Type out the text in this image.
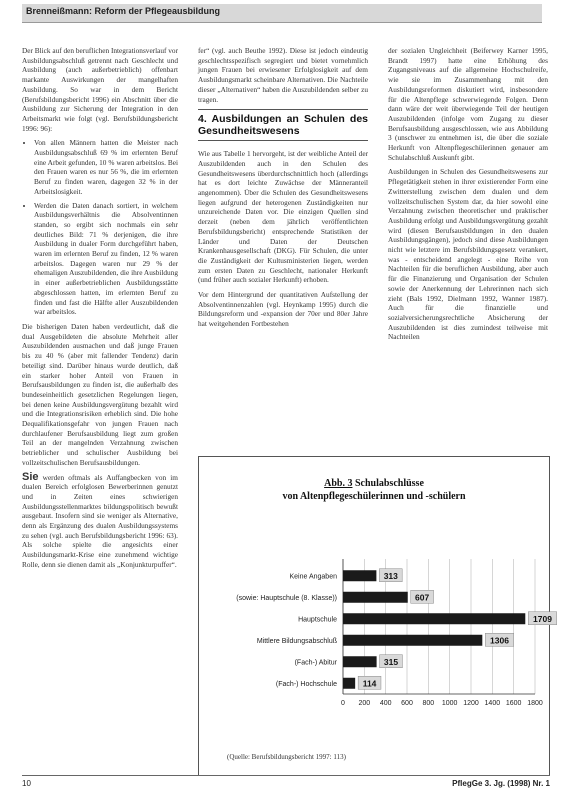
Brenneißmann: Reform der Pflegeausbildung

Der Blick auf den beruflichen Integrationsverlauf vor Ausbildungsabschluß getrennt nach Geschlecht und Ausbildung (auch außerbetrieblich) offenbart markante Auswirkungen der mangelhaften Ausbildung. So war in dem Bericht (Berufsbildungsbericht 1996) ein Abschnitt über die Ausbildung zur Sicherung der Integration in den Arbeitsmarkt wie folgt (vgl. Berufsbildungsbericht 1996: 96):

• Von allen Männern hatten die Meister nach Ausbildungsabschluß 69 % im erlernten Beruf eine Arbeit gefunden, 10 % waren arbeitslos. Bei den Frauen waren es nur 56 %, die im erlernten Beruf zu finden waren, dagegen 32 % in der Arbeitslosigkeit.
• Werden die Daten danach sortiert, in welchem Ausbildungsverhältnis die Absolventinnen standen, so ergibt sich nochmals ein sehr deutliches Bild: 71 % derjenigen, die ihre Ausbildung in dualer Form durchgeführt haben, waren im erlernten Beruf zu finden, 12 % waren arbeitslos. Dagegen waren nur 29 % der ehemaligen Auszubildenden, die ihre Ausbildung in einer außerbetrieblichen Ausbildungsstätte abgeschlossen hatten, im erlernten Beruf zu finden und fast die Hälfte aller Auszubildenden war arbeitslos.

Die bisherigen Daten haben verdeutlicht, daß die dual Ausgebildeten die absolute Mehrheit aller Auszubildenden ausmachen und daß junge Frauen bis zu 40 % (aber mit fallender Tendenz) darin beteiligt sind. Darüber hinaus wurde deutlich, daß ein starker hoher Anteil von Frauen in Berufsausbildungen zu finden ist, die außerhalb des bundeseinheitlich gesetzlichen Regelungen liegen, bei denen keine Ausbildungsvergütung bezahlt wird und die Integrationsrisiken erheblich sind. Die hohe Dequalifikationsgefahr von jungen Frauen nach durchlaufener Berufsausbildung liegt zum großen Teil an der mangelnden Verzahnung zwischen betrieblicher und schulischer Ausbildung bei vollzeitschulischen Berufsausbildungen.

Sie werden oftmals als Auffangbecken von im dualen Bereich erfolglosen Bewerberinnen genutzt und in Zeiten eines schwierigen Ausbildungsstellenmarktes bildungspolitisch bewußt ausgebaut. Insofern sind sie weniger als Alternative, denn als Ergänzung des dualen Ausbildungssystems zu sehen (vgl. auch Berufsbildungsbericht 1996: 63). Als solche spielte die angesichts einer Ausbildungsmarkt-Krise eine zunehmend wichtige Rolle, denn sie dienen damit als „Konjunkturpuffer“.

fer“ (vgl. auch Beuthe 1992). Diese ist jedoch eindeutig geschlechtsspezifisch segregiert und bietet vornehmlich jungen Frauen bei erwiesener Erfolglosigkeit auf dem Ausbildungsmarkt scheinbare Alternativen. Die Nachteile dieser „Alternativen“ haben die Auszubildenden selber zu tragen.

4. Ausbildungen an Schulen des Gesundheitswesens

Wie aus Tabelle 1 hervorgeht, ist der weibliche Anteil der Auszubildenden auch in den Schulen des Gesundheitswesens überdurchschnittlich hoch (allerdings hat es dort leichte Zuwächse der Männeranteil angenommen). Über die Schulen des Gesundheitswesens liegen aufgrund der heterogenen Zuständigkeiten nur unzureichende Daten vor. Die einzigen Quellen sind derzeit (neben dem jährlich veröffentlichten Berufsbildungsbericht) entsprechende Statistiken der Länder und Daten der Deutschen Krankenhausgesellschaft (DKG). Für Schulen, die unter die Zuständigkeit der Kultusministerien liegen, werden zum ersten Daten zu Geschlecht, nationaler Herkunft (und früher auch sozialer Herkunft) erhoben.

Vor dem Hintergrund der quantitativen Aufstellung der Absolventinnenzahlen (vgl. Heynkamp 1995) durch die Bildungsreform und -expansion der 70er und 80er Jahre hat weitgehenden Fortbestehen

der sozialen Ungleichheit (Beiferwey Karner 1995, Brandt 1997) hatte eine Erhöhung des Zugangsniveaus auf die allgemeine Hochschulreife, wie sie im Zusammenhang mit den Ausbildungsreformen diskutiert wird, insbesondere für die Altenpflege schwerwiegende Folgen. Denn dann wäre der weit überwiegende Teil der heutigen Auszubildenden (infolge vom Zugang zu dieser Berufsausbildung ausgeschlossen, wie aus Abbildung 3 (unschwer zu entnehmen ist, die über die soziale Herkunft von Altenpflegeschülerinnen genauer am Schulabschluß Auskunft gibt.

Ausbildungen in Schulen des Gesundheitswesens zur Pflegetätigkeit stehen in ihrer existierender Form eine Zwitterstellung zwischen dem dualen und dem vollzeitschulischen System dar, da hier sowohl eine Verzahnung zwischen theoretischer und praktischer Ausbildung erfolgt und Ausbildungsvergütung gezahlt wird (diesen Berufsausbildungen in den dualen Ausbildungsgängen), jedoch sind diese Ausbildungen nicht wie letztere im Berufsbildungsgesetz verankert, was - entscheidend angelegt - eine Reihe von Nachteilen für die beruflichen Ausbildung, aber auch für die Finanzierung und Organisation der Schulen sowie der Anerkennung der Lehrerinnen nach sich zieht (Bals 1992, Dielmann 1992, Wanner 1987). Auch für die finanzielle und sozialversicherungsrechtliche Absicherung der Auszubildenden ist dies zumindest teilweise mit Nachteilen

Abb. 3 Schulabschlüsse
von Altenpflegeschülerinnen und -schülern
0 200 400 600 800 1000 1200 1400 1600 1800
Keine Angaben	313
(sowie: Hauptschule (8. Klasse))	607
Hauptschule	1709
Mittlere Bildungsabschluß	1306
(Fach-) Abitur	315
(Fach-) Hochschule	114
(Quelle: Berufsbildungsbericht 1997: 113)
10	PflegGe 3. Jg. (1998) Nr. 1
